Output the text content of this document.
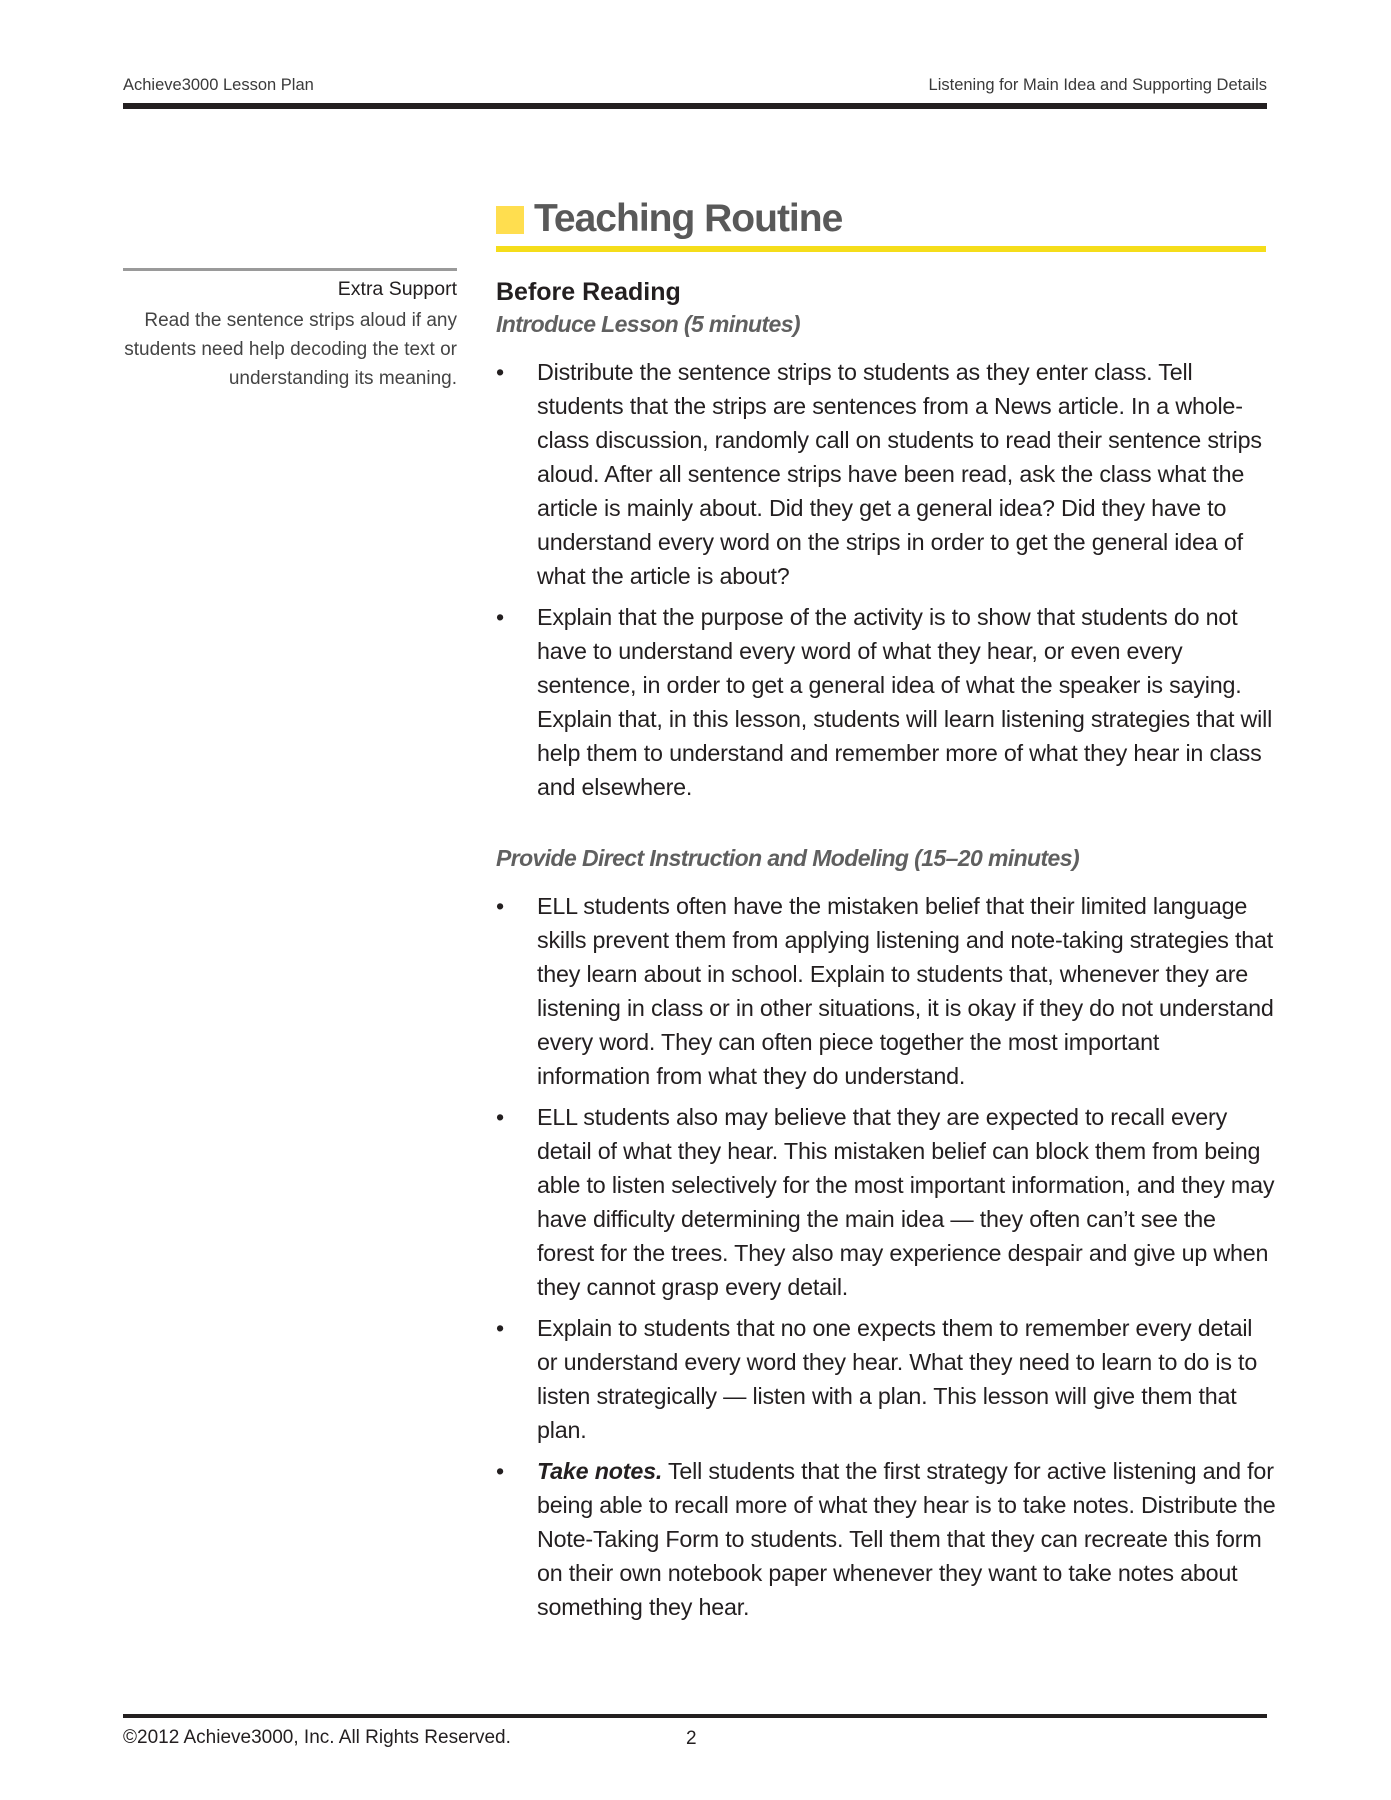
Achieve3000 Lesson Plan	Listening for Main Idea and Supporting Details
Teaching Routine
Extra Support
Read the sentence strips aloud if any students need help decoding the text or understanding its meaning.
Before Reading
Introduce Lesson (5 minutes)
• Distribute the sentence strips to students as they enter class. Tell students that the strips are sentences from a News article. In a whole-class discussion, randomly call on students to read their sentence strips aloud. After all sentence strips have been read, ask the class what the article is mainly about. Did they get a general idea? Did they have to understand every word on the strips in order to get the general idea of what the article is about?
• Explain that the purpose of the activity is to show that students do not have to understand every word of what they hear, or even every sentence, in order to get a general idea of what the speaker is saying. Explain that, in this lesson, students will learn listening strategies that will help them to understand and remember more of what they hear in class and elsewhere.
Provide Direct Instruction and Modeling (15–20 minutes)
• ELL students often have the mistaken belief that their limited language skills prevent them from applying listening and note-taking strategies that they learn about in school. Explain to students that, whenever they are listening in class or in other situations, it is okay if they do not understand every word. They can often piece together the most important information from what they do understand.
• ELL students also may believe that they are expected to recall every detail of what they hear. This mistaken belief can block them from being able to listen selectively for the most important information, and they may have difficulty determining the main idea — they often can’t see the forest for the trees. They also may experience despair and give up when they cannot grasp every detail.
• Explain to students that no one expects them to remember every detail or understand every word they hear. What they need to learn to do is to listen strategically — listen with a plan. This lesson will give them that plan.
• Take notes. Tell students that the first strategy for active listening and for being able to recall more of what they hear is to take notes. Distribute the Note-Taking Form to students. Tell them that they can recreate this form on their own notebook paper whenever they want to take notes about something they hear.
©2012 Achieve3000, Inc. All Rights Reserved.	2
